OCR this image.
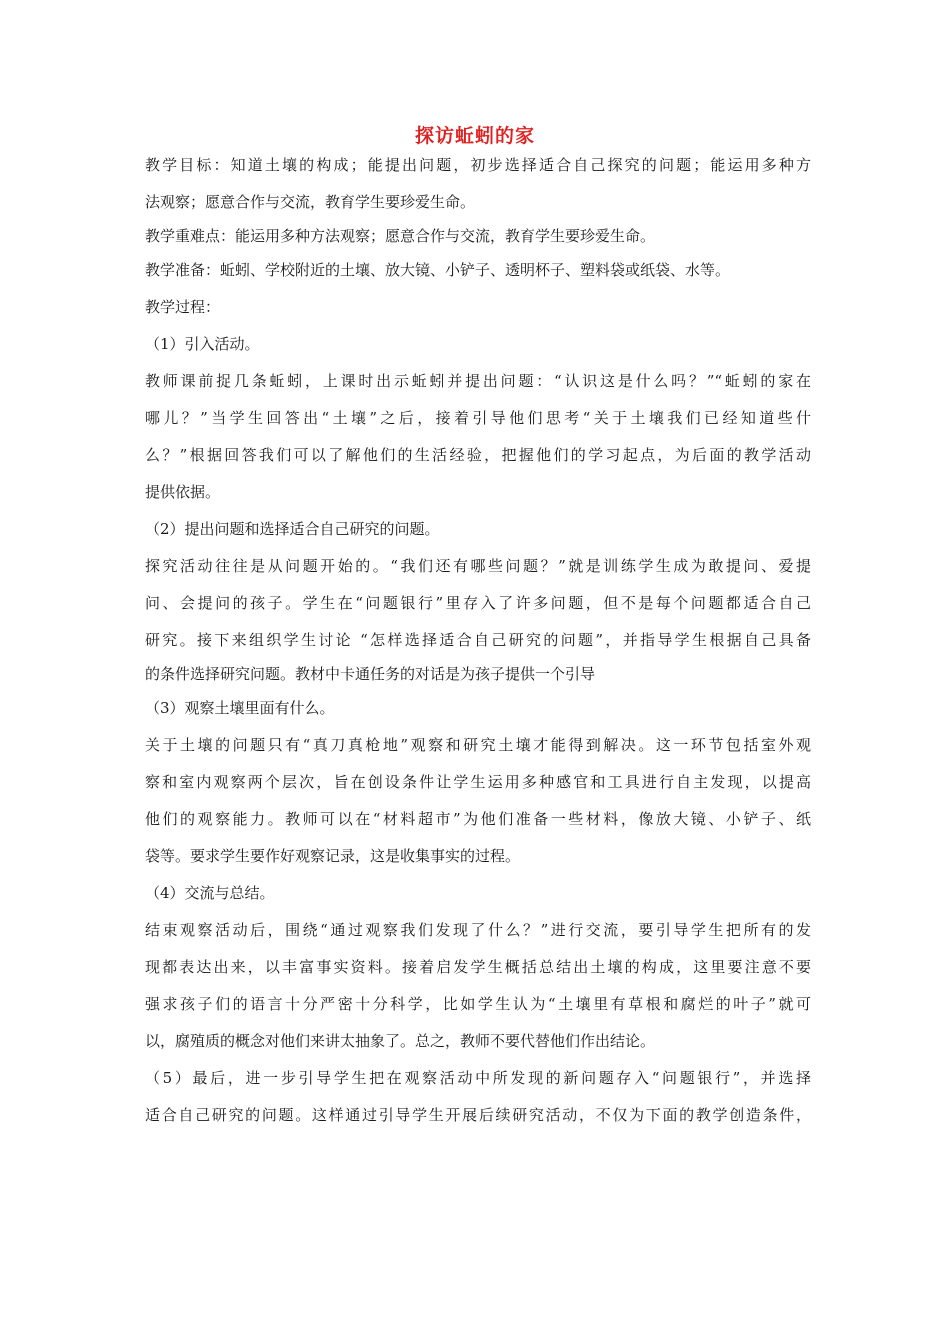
探访蚯蚓的家
教学目标：知道土壤的构成；能提出问题，初步选择适合自己探究的问题；能运用多种方
法观察；愿意合作与交流，教育学生要珍爱生命。
教学重难点：能运用多种方法观察；愿意合作与交流，教育学生要珍爱生命。
教学准备：蚯蚓、学校附近的土壤、放大镜、小铲子、透明杯子、塑料袋或纸袋、水等。
教学过程：
（1）引入活动。
教师课前捉几条蚯蚓，上课时出示蚯蚓并提出问题：“认识这是什么吗？”“蚯蚓的家在
哪儿？”当学生回答出“土壤”之后，接着引导他们思考“关于土壤我们已经知道些什
么？”根据回答我们可以了解他们的生活经验，把握他们的学习起点，为后面的教学活动
提供依据。
（2）提出问题和选择适合自己研究的问题。
探究活动往往是从问题开始的。“我们还有哪些问题？”就是训练学生成为敢提问、爱提
问、会提问的孩子。学生在“问题银行”里存入了许多问题，但不是每个问题都适合自己
研究。接下来组织学生讨论 “怎样选择适合自己研究的问题”，并指导学生根据自己具备
的条件选择研究问题。教材中卡通任务的对话是为孩子提供一个引导
（3）观察土壤里面有什么。
关于土壤的问题只有“真刀真枪地”观察和研究土壤才能得到解决。这一环节包括室外观
察和室内观察两个层次，旨在创设条件让学生运用多种感官和工具进行自主发现，以提高
他们的观察能力。教师可以在“材料超市”为他们准备一些材料，像放大镜、小铲子、纸
袋等。要求学生要作好观察记录，这是收集事实的过程。
（4）交流与总结。
结束观察活动后，围绕“通过观察我们发现了什么？”进行交流，要引导学生把所有的发
现都表达出来，以丰富事实资料。接着启发学生概括总结出土壤的构成，这里要注意不要
强求孩子们的语言十分严密十分科学，比如学生认为“土壤里有草根和腐烂的叶子”就可
以，腐殖质的概念对他们来讲太抽象了。总之，教师不要代替他们作出结论。
（5）最后，进一步引导学生把在观察活动中所发现的新问题存入“问题银行”，并选择
适合自己研究的问题。这样通过引导学生开展后续研究活动，不仅为下面的教学创造条件，
